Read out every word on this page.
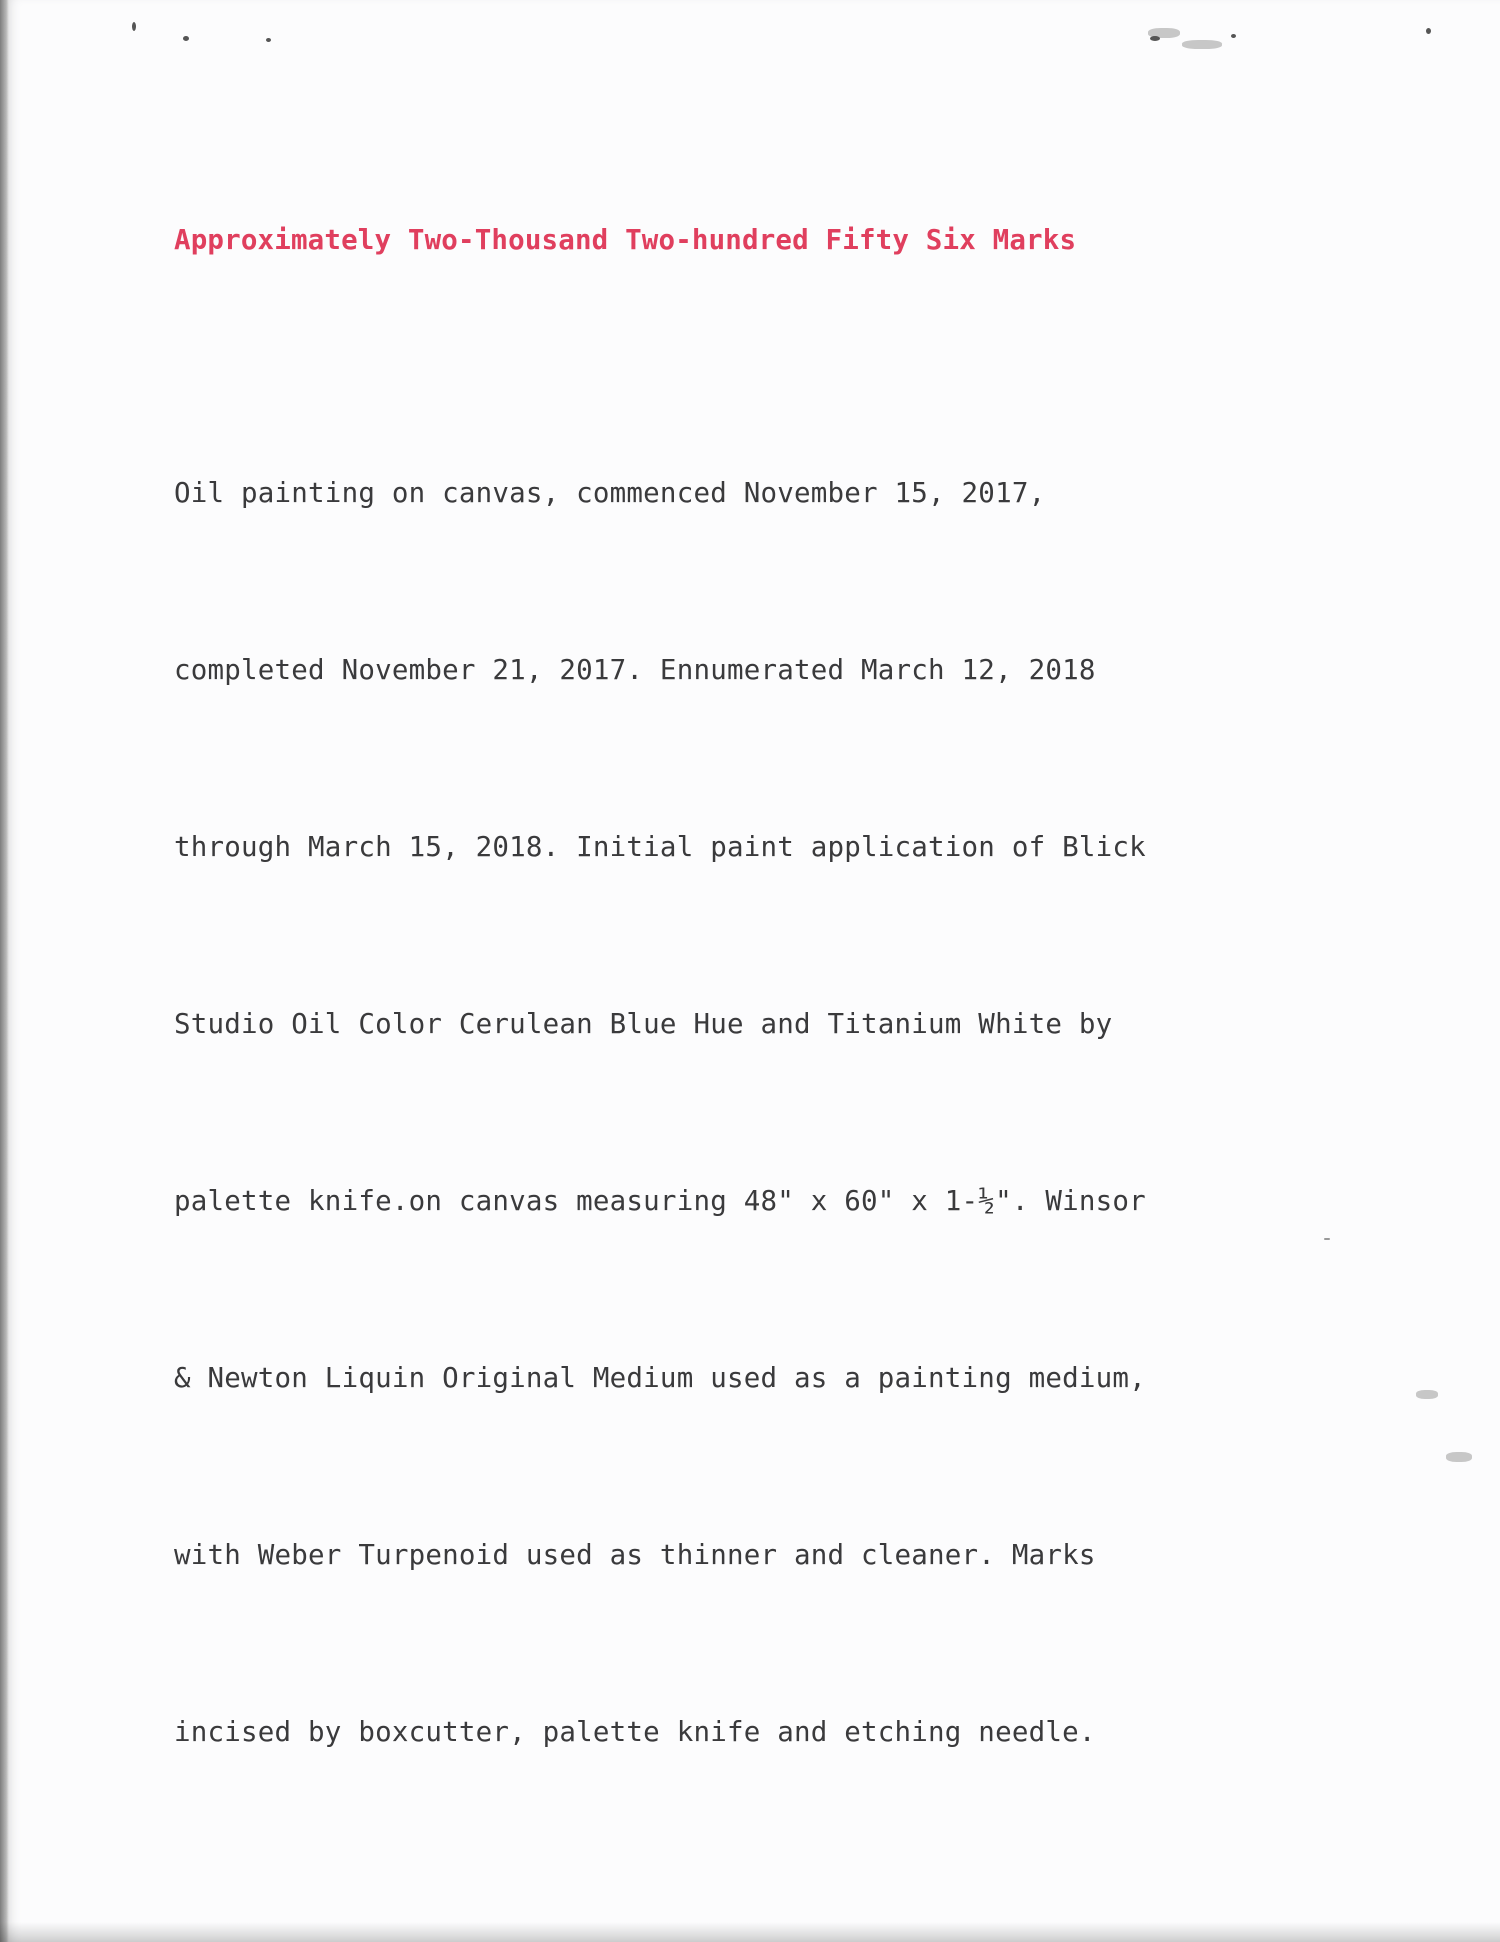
Approximately Two-Thousand Two-hundred Fifty Six Marks

Oil painting on canvas, commenced November 15, 2017,

completed November 21, 2017. Ennumerated March 12, 2018

through March 15, 2018. Initial paint application of Blick

Studio Oil Color Cerulean Blue Hue and Titanium White by

palette knife.on canvas measuring 48" x 60" x 1-½". Winsor

& Newton Liquin Original Medium used as a painting medium,

with Weber Turpenoid used as thinner and cleaner. Marks

incised by boxcutter, palette knife and etching needle.
